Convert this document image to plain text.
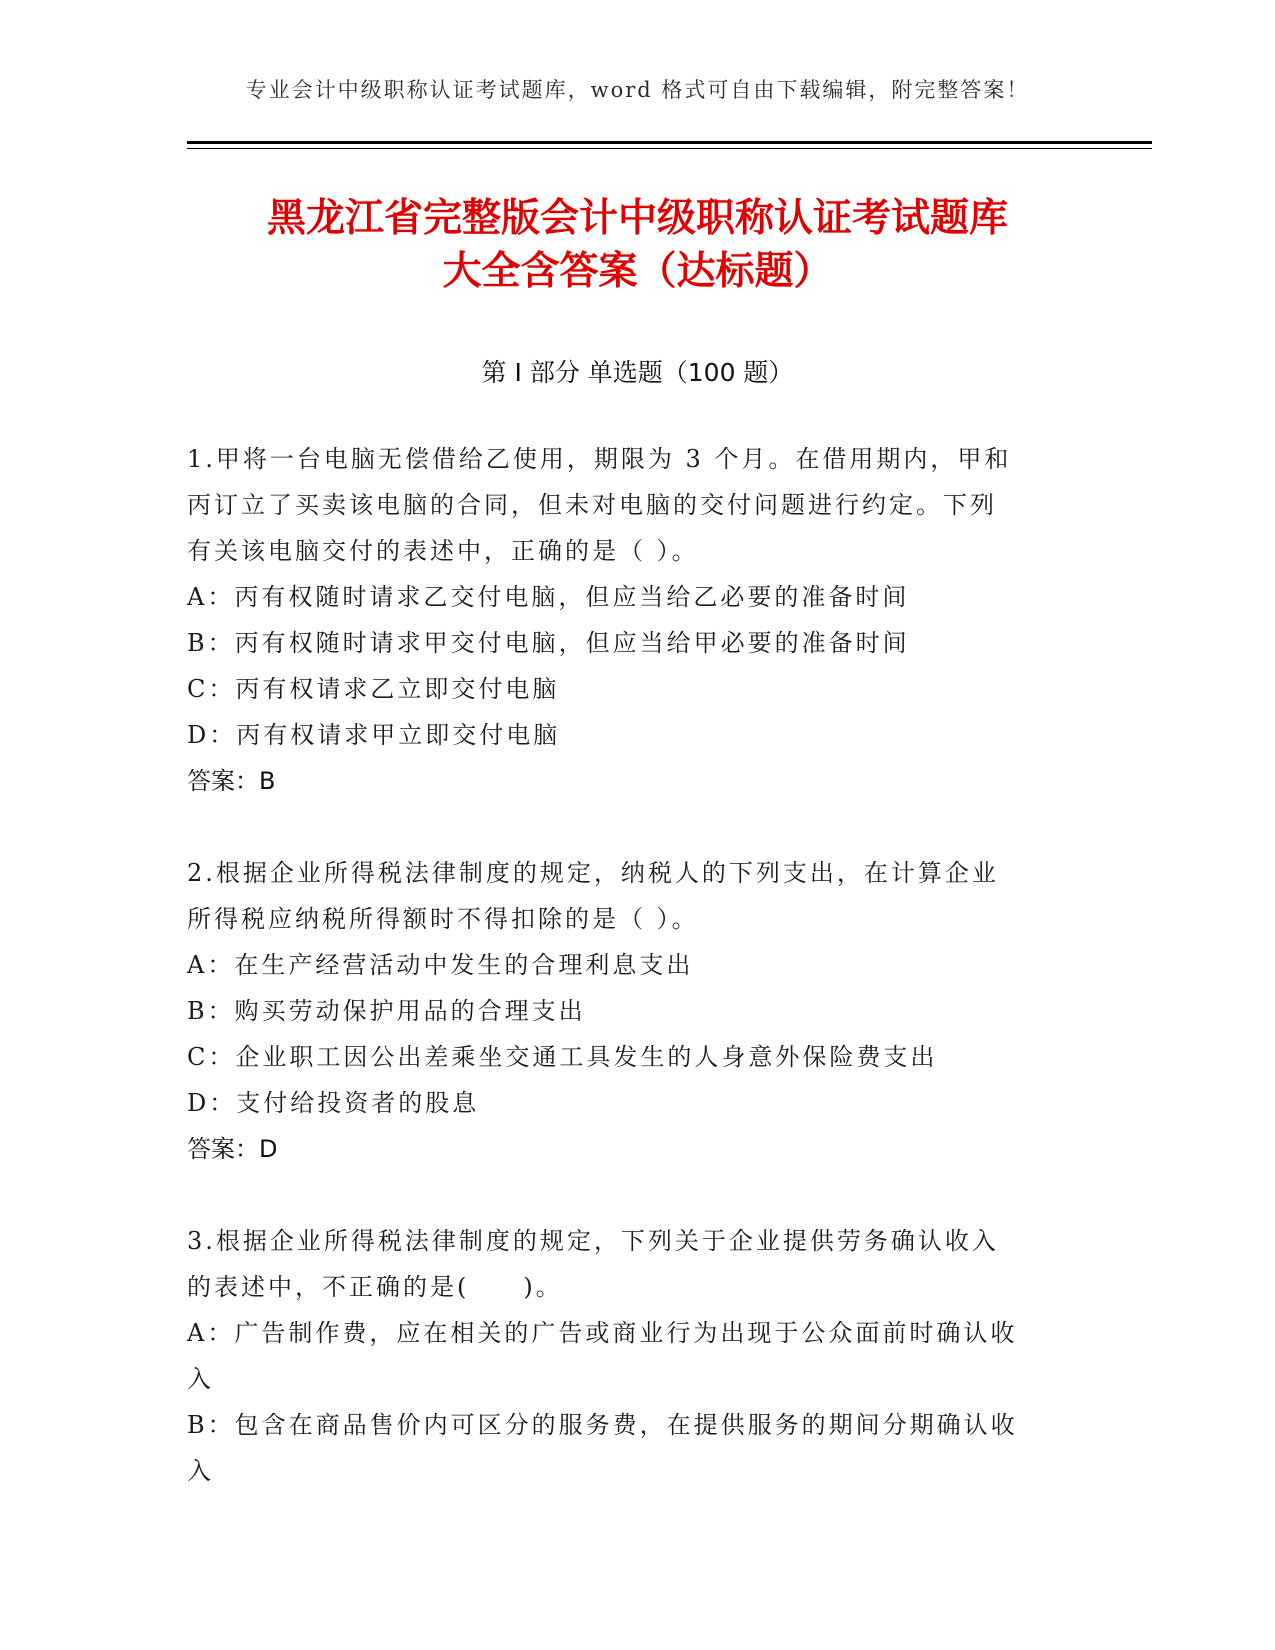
专业会计中级职称认证考试题库，word 格式可自由下载编辑，附完整答案！
黑龙江省完整版会计中级职称认证考试题库
大全含答案（达标题）
第 I 部分 单选题（100 题）
1.甲将一台电脑无偿借给乙使用，期限为 3 个月。在借用期内，甲和
丙订立了买卖该电脑的合同，但未对电脑的交付问题进行约定。下列
有关该电脑交付的表述中，正确的是（ ）。
A：丙有权随时请求乙交付电脑，但应当给乙必要的准备时间
B：丙有权随时请求甲交付电脑，但应当给甲必要的准备时间
C：丙有权请求乙立即交付电脑
D：丙有权请求甲立即交付电脑
答案：B
2.根据企业所得税法律制度的规定，纳税人的下列支出，在计算企业
所得税应纳税所得额时不得扣除的是（ ）。
A：在生产经营活动中发生的合理利息支出
B：购买劳动保护用品的合理支出
C：企业职工因公出差乘坐交通工具发生的人身意外保险费支出
D：支付给投资者的股息
答案：D
3.根据企业所得税法律制度的规定，下列关于企业提供劳务确认收入
的表述中，不正确的是(　　)。
A：广告制作费，应在相关的广告或商业行为出现于公众面前时确认收
入
B：包含在商品售价内可区分的服务费，在提供服务的期间分期确认收
入
